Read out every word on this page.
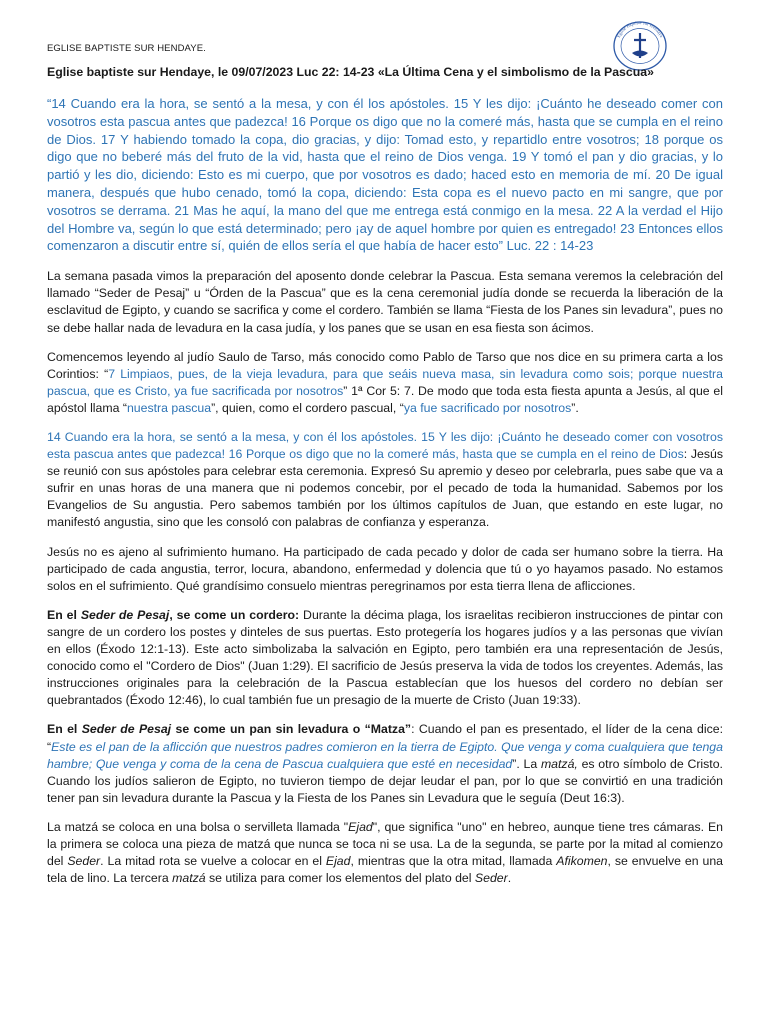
EGLISE BAPTISTE SUR HENDAYE.
Eglise Baptiste sur Hendaye

Eglise baptiste sur Hendaye, le 09/07/2023 Luc 22: 14-23 «La Última Cena y el simbolismo de la Pascua»

“14 Cuando era la hora, se sentó a la mesa, y con él los apóstoles. 15 Y les dijo: ¡Cuánto he deseado comer con vosotros esta pascua antes que padezca! 16 Porque os digo que no la comeré más, hasta que se cumpla en el reino de Dios. 17 Y habiendo tomado la copa, dio gracias, y dijo: Tomad esto, y repartidlo entre vosotros; 18 porque os digo que no beberé más del fruto de la vid, hasta que el reino de Dios venga. 19 Y tomó el pan y dio gracias, y lo partió y les dio, diciendo: Esto es mi cuerpo, que por vosotros es dado; haced esto en memoria de mí. 20 De igual manera, después que hubo cenado, tomó la copa, diciendo: Esta copa es el nuevo pacto en mi sangre, que por vosotros se derrama. 21 Mas he aquí, la mano del que me entrega está conmigo en la mesa. 22 A la verdad el Hijo del Hombre va, según lo que está determinado; pero ¡ay de aquel hombre por quien es entregado! 23 Entonces ellos comenzaron a discutir entre sí, quién de ellos sería el que había de hacer esto” Luc. 22 : 14-23

La semana pasada vimos la preparación del aposento donde celebrar la Pascua. Esta semana veremos la celebración del llamado “Seder de Pesaj” u “Órden de la Pascua” que es la cena ceremonial judía donde se recuerda la liberación de la esclavitud de Egipto, y cuando se sacrifica y come el cordero. También se llama “Fiesta de los Panes sin levadura”, pues no se debe hallar nada de levadura en la casa judía, y los panes que se usan en esa fiesta son ácimos.

Comencemos leyendo al judío Saulo de Tarso, más conocido como Pablo de Tarso que nos dice en su primera carta a los Corintios: “7 Limpiaos, pues, de la vieja levadura, para que seáis nueva masa, sin levadura como sois; porque nuestra pascua, que es Cristo, ya fue sacrificada por nosotros” 1ª Cor 5: 7. De modo que toda esta fiesta apunta a Jesús, al que el apóstol llama “nuestra pascua”, quien, como el cordero pascual, “ya fue sacrificado por nosotros”.

14 Cuando era la hora, se sentó a la mesa, y con él los apóstoles. 15 Y les dijo: ¡Cuánto he deseado comer con vosotros esta pascua antes que padezca! 16 Porque os digo que no la comeré más, hasta que se cumpla en el reino de Dios: Jesús se reunió con sus apóstoles para celebrar esta ceremonia. Expresó Su apremio y deseo por celebrarla, pues sabe que va a sufrir en unas horas de una manera que ni podemos concebir, por el pecado de toda la humanidad. Sabemos por los Evangelios de Su angustia. Pero sabemos también por los últimos capítulos de Juan, que estando en este lugar, no manifestó angustia, sino que les consoló con palabras de confianza y esperanza.

Jesús no es ajeno al sufrimiento humano. Ha participado de cada pecado y dolor de cada ser humano sobre la tierra. Ha participado de cada angustia, terror, locura, abandono, enfermedad y dolencia que tú o yo hayamos pasado. No estamos solos en el sufrimiento. Qué grandísimo consuelo mientras peregrinamos por esta tierra llena de aflicciones.

En el Seder de Pesaj, se come un cordero: Durante la décima plaga, los israelitas recibieron instrucciones de pintar con sangre de un cordero los postes y dinteles de sus puertas. Esto protegería los hogares judíos y a las personas que vivían en ellos (Éxodo 12:1-13). Este acto simbolizaba la salvación en Egipto, pero también era una representación de Jesús, conocido como el "Cordero de Dios" (Juan 1:29). El sacrificio de Jesús preserva la vida de todos los creyentes. Además, las instrucciones originales para la celebración de la Pascua establecían que los huesos del cordero no debían ser quebrantados (Éxodo 12:46), lo cual también fue un presagio de la muerte de Cristo (Juan 19:33).

En el Seder de Pesaj se come un pan sin levadura o “Matza”: Cuando el pan es presentado, el líder de la cena dice: “Este es el pan de la aflicción que nuestros padres comieron en la tierra de Egipto. Que venga y coma cualquiera que tenga hambre; Que venga y coma de la cena de Pascua cualquiera que esté en necesidad”. La matzá, es otro símbolo de Cristo. Cuando los judíos salieron de Egipto, no tuvieron tiempo de dejar leudar el pan, por lo que se convirtió en una tradición tener pan sin levadura durante la Pascua y la Fiesta de los Panes sin Levadura que le seguía (Deut 16:3).

La matzá se coloca en una bolsa o servilleta llamada "Ejad", que significa "uno" en hebreo, aunque tiene tres cámaras. En la primera se coloca una pieza de matzá que nunca se toca ni se usa. La de la segunda, se parte por la mitad al comienzo del Seder. La mitad rota se vuelve a colocar en el Ejad, mientras que la otra mitad, llamada Afikomen, se envuelve en una tela de lino. La tercera matzá se utiliza para comer los elementos del plato del Seder.
